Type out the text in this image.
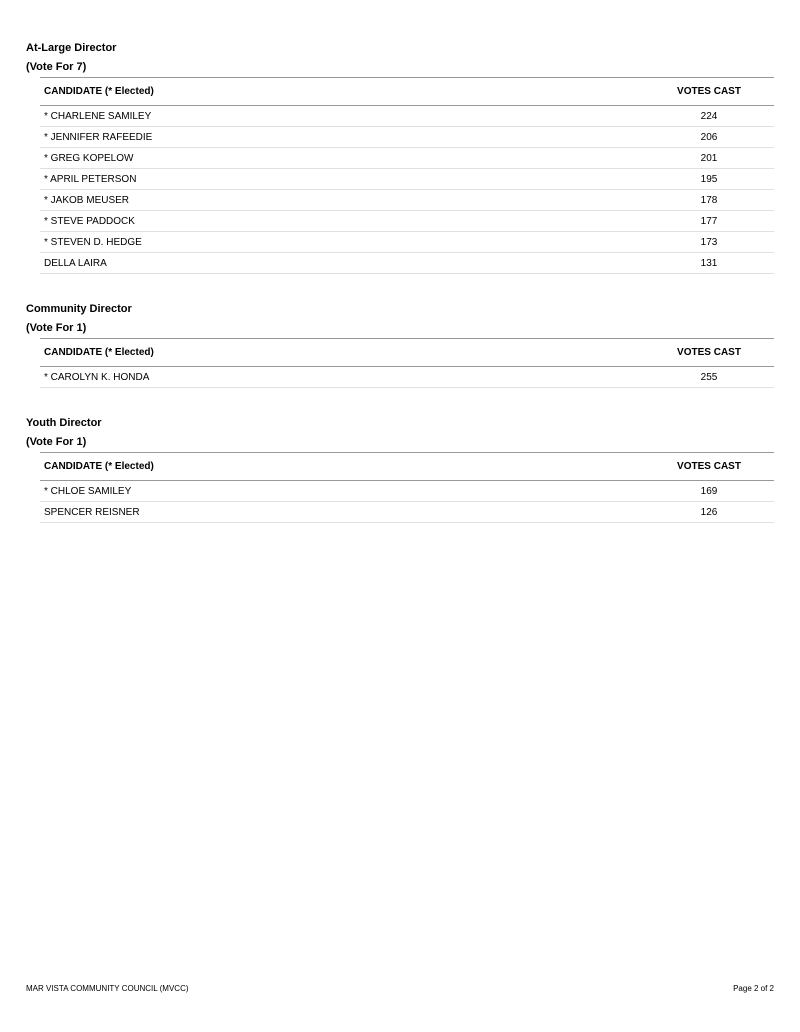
At-Large Director
(Vote For 7)
CANDIDATE (* Elected)	VOTES CAST
* CHARLENE SAMILEY	224
* JENNIFER RAFEEDIE	206
* GREG KOPELOW	201
* APRIL PETERSON	195
* JAKOB MEUSER	178
* STEVE PADDOCK	177
* STEVEN D. HEDGE	173
DELLA LAIRA	131
Community Director
(Vote For 1)
CANDIDATE (* Elected)	VOTES CAST
* CAROLYN K. HONDA	255
Youth Director
(Vote For 1)
CANDIDATE (* Elected)	VOTES CAST
* CHLOE SAMILEY	169
SPENCER REISNER	126
MAR VISTA COMMUNITY COUNCIL (MVCC)	Page 2 of 2
